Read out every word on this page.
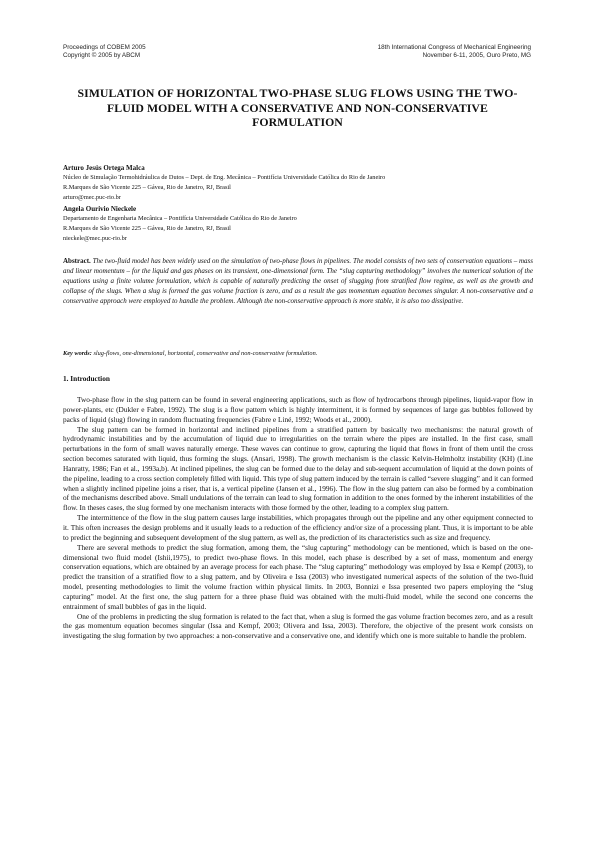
Proceedings of COBEM 2005
Copyright © 2005 by ABCM
18th International Congress of Mechanical Engineering
November 6-11, 2005, Ouro Preto, MG
SIMULATION OF HORIZONTAL TWO-PHASE SLUG FLOWS USING THE TWO-FLUID MODEL WITH A CONSERVATIVE AND NON-CONSERVATIVE FORMULATION
Arturo Jesús Ortega Malca
Núcleo de Simulação Termohidráulica de Dutos – Dept. de Eng. Mecânica – Pontifícia Universidade Católica do Rio de Janeiro
R.Marques de São Vicente 225 – Gávea, Rio de Janeiro, RJ, Brasil
arturo@mec.puc-rio.br
Angela Ourivio Nieckele
Departamento de Engenharia Mecânica – Pontifícia Universidade Católica do Rio de Janeiro
R.Marques de São Vicente 225 – Gávea, Rio de Janeiro, RJ, Brasil
nieckele@mec.puc-rio.br
Abstract. The two-fluid model has been widely used on the simulation of two-phase flows in pipelines. The model consists of two sets of conservation equations – mass and linear momentum – for the liquid and gas phases on its transient, one-dimensional form. The “slug capturing methodology” involves the numerical solution of the equations using a finite volume formulation, which is capable of naturally predicting the onset of slugging from stratified flow regime, as well as the growth and collapse of the slugs. When a slug is formed the gas volume fraction is zero, and as a result the gas momentum equation becomes singular. A non-conservative and a conservative approach were employed to handle the problem. Although the non-conservative approach is more stable, it is also too dissipative.
Key words: slug-flows, one-dimensional, horizontal, conservative and non-conservative formulation.
1. Introduction

Two-phase flow in the slug pattern can be found in several engineering applications, such as flow of hydrocarbons through pipelines, liquid-vapor flow in power-plants, etc (Dukler e Fabre, 1992). The slug is a flow pattern which is highly intermittent, it is formed by sequences of large gas bubbles followed by packs of liquid (slug) flowing in random fluctuating frequencies (Fabre e Liné, 1992; Woods et al., 2000).

The slug pattern can be formed in horizontal and inclined pipelines from a stratified pattern by basically two mechanisms: the natural growth of hydrodynamic instabilities and by the accumulation of liquid due to irregularities on the terrain where the pipes are installed. In the first case, small perturbations in the form of small waves naturally emerge. These waves can continue to grow, capturing the liquid that flows in front of them until the cross section becomes saturated with liquid, thus forming the slugs. (Ansari, 1998). The growth mechanism is the classic Kelvin-Helmholtz instability (KH) (Line Hanratty, 1986; Fan et al., 1993a,b). At inclined pipelines, the slug can be formed due to the delay and sub-sequent accumulation of liquid at the down points of the pipeline, leading to a cross section completely filled with liquid. This type of slug pattern induced by the terrain is called “severe slugging” and it can formed when a slightly inclined pipeline joins a riser, that is, a vertical pipeline (Jansen et al., 1996). The flow in the slug pattern can also be formed by a combination of the mechanisms described above. Small undulations of the terrain can lead to slug formation in addition to the ones formed by the inherent instabilities of the flow. In theses cases, the slug formed by one mechanism interacts with those formed by the other, leading to a complex slug pattern.

The intermittence of the flow in the slug pattern causes large instabilities, which propagates through out the pipeline and any other equipment connected to it. This often increases the design problems and it usually leads to a reduction of the efficiency and/or size of a processing plant. Thus, it is important to be able to predict the beginning and subsequent development of the slug pattern, as well as, the prediction of its characteristics such as size and frequency.

There are several methods to predict the slug formation, among them, the “slug capturing” methodology can be mentioned, which is based on the one-dimensional two fluid model (Ishii,1975), to predict two-phase flows. In this model, each phase is described by a set of mass, momentum and energy conservation equations, which are obtained by an average process for each phase. The “slug capturing” methodology was employed by Issa e Kempf (2003), to predict the transition of a stratified flow to a slug pattern, and by Oliveira e Issa (2003) who investigated numerical aspects of the solution of the two-fluid model, presenting methodologies to limit the volume fraction within physical limits. In 2003, Bonnizi e Issa presented two papers employing the “slug capturing” model. At the first one, the slug pattern for a three phase fluid was obtained with the multi-fluid model, while the second one concerns the entrainment of small bubbles of gas in the liquid.

One of the problems in predicting the slug formation is related to the fact that, when a slug is formed the gas volume fraction becomes zero, and as a result the gas momentum equation becomes singular (Issa and Kempf, 2003; Olivera and Issa, 2003). Therefore, the objective of the present work consists on investigating the slug formation by two approaches: a non-conservative and a conservative one, and identify which one is more suitable to handle the problem.
